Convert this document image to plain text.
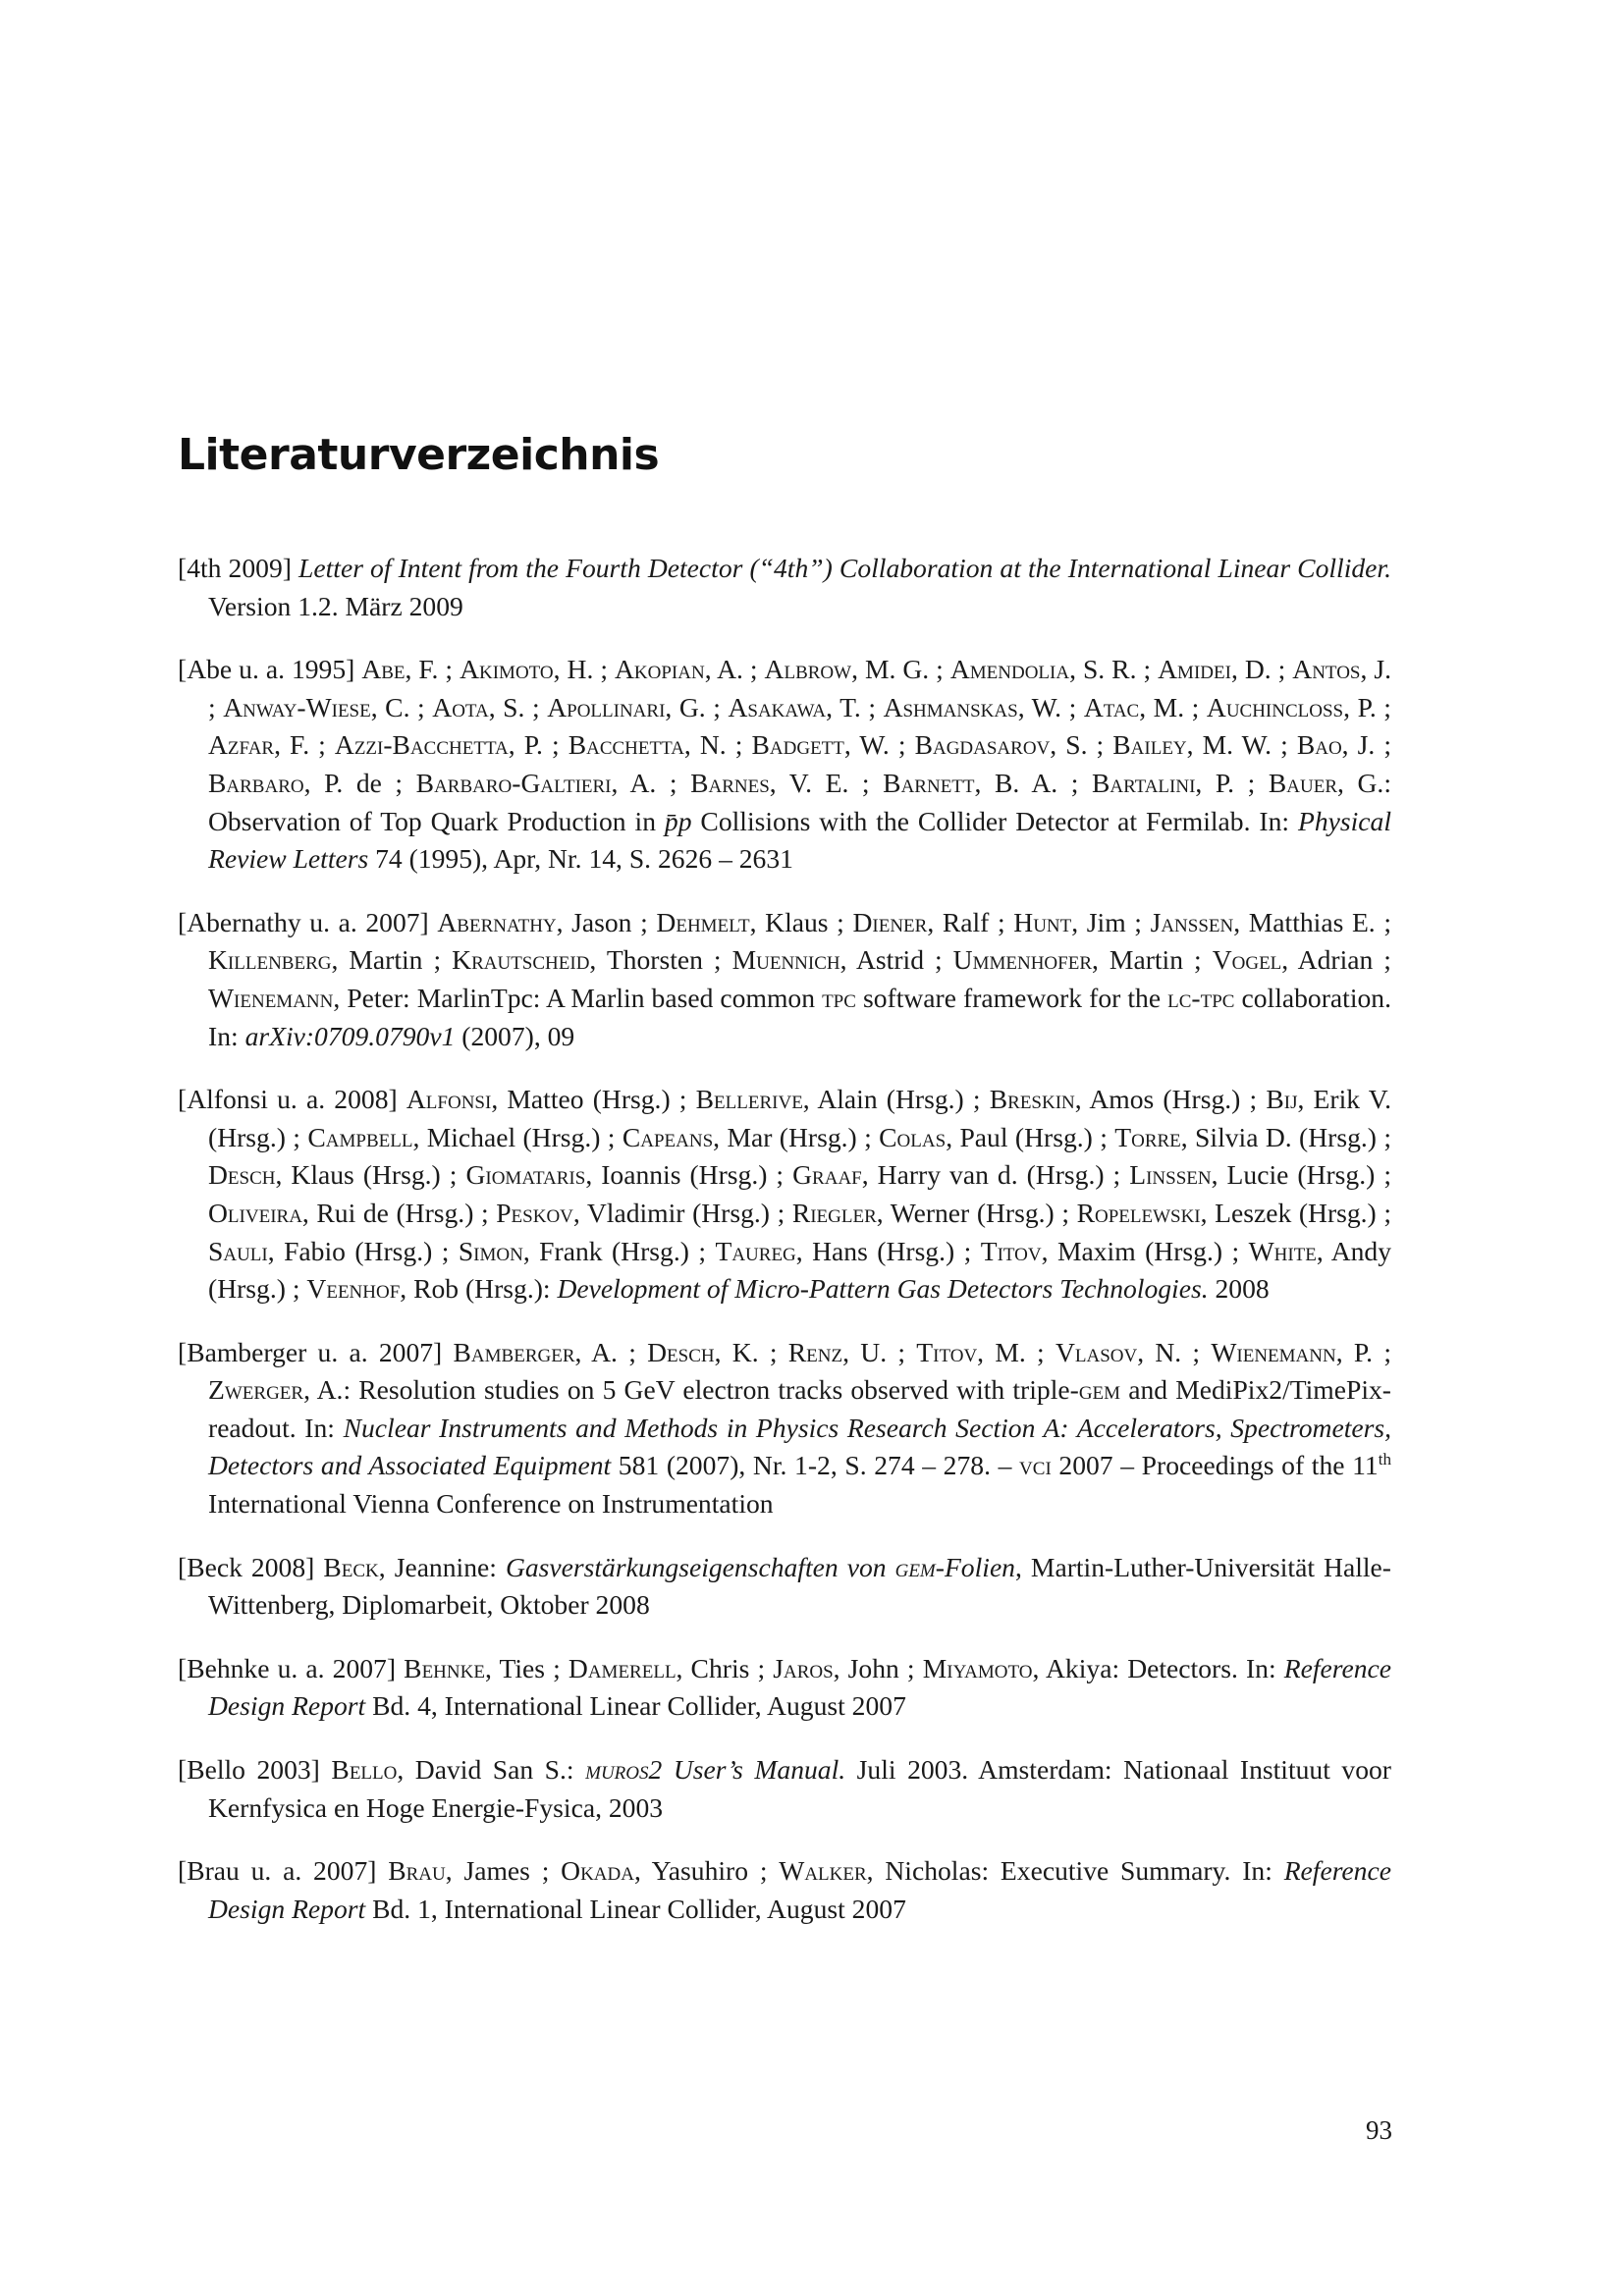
Literaturverzeichnis

[4th 2009] Letter of Intent from the Fourth Detector (“4th”) Collaboration at the International Linear Collider. Version 1.2. März 2009

[Abe u. a. 1995] Abe, F. ; Akimoto, H. ; Akopian, A. ; Albrow, M. G. ; Amendolia, S. R. ; Amidei, D. ; Antos, J. ; Anway-Wiese, C. ; Aota, S. ; Apollinari, G. ; Asakawa, T. ; Ashmanskas, W. ; Atac, M. ; Auchincloss, P. ; Azfar, F. ; Azzi-Bacchetta, P. ; Bacchetta, N. ; Badgett, W. ; Bagdasarov, S. ; Bailey, M. W. ; Bao, J. ; Barbaro, P. de ; Barbaro-Galtieri, A. ; Barnes, V. E. ; Barnett, B. A. ; Bartalini, P. ; Bauer, G.: Observation of Top Quark Production in p̄p Collisions with the Collider Detector at Fermilab. In: Physical Review Letters 74 (1995), Apr, Nr. 14, S. 2626 – 2631

[Abernathy u. a. 2007] Abernathy, Jason ; Dehmelt, Klaus ; Diener, Ralf ; Hunt, Jim ; Janssen, Matthias E. ; Killenberg, Martin ; Krautscheid, Thorsten ; Muennich, Astrid ; Ummenhofer, Martin ; Vogel, Adrian ; Wienemann, Peter: MarlinTpc: A Marlin based common tpc software framework for the lc-tpc collaboration. In: arXiv:0709.0790v1 (2007), 09

[Alfonsi u. a. 2008] Alfonsi, Matteo (Hrsg.) ; Bellerive, Alain (Hrsg.) ; Breskin, Amos (Hrsg.) ; Bij, Erik V. (Hrsg.) ; Campbell, Michael (Hrsg.) ; Capeans, Mar (Hrsg.) ; Colas, Paul (Hrsg.) ; Torre, Silvia D. (Hrsg.) ; Desch, Klaus (Hrsg.) ; Giomataris, Ioannis (Hrsg.) ; Graaf, Harry van d. (Hrsg.) ; Linssen, Lucie (Hrsg.) ; Oliveira, Rui de (Hrsg.) ; Peskov, Vladimir (Hrsg.) ; Riegler, Werner (Hrsg.) ; Ropelewski, Leszek (Hrsg.) ; Sauli, Fabio (Hrsg.) ; Simon, Frank (Hrsg.) ; Taureg, Hans (Hrsg.) ; Titov, Maxim (Hrsg.) ; White, Andy (Hrsg.) ; Veenhof, Rob (Hrsg.): Development of Micro-Pattern Gas Detectors Technologies. 2008

[Bamberger u. a. 2007] Bamberger, A. ; Desch, K. ; Renz, U. ; Titov, M. ; Vlasov, N. ; Wienemann, P. ; Zwerger, A.: Resolution studies on 5 GeV electron tracks observed with triple-gem and MediPix2/TimePix-readout. In: Nuclear Instruments and Methods in Physics Research Section A: Accelerators, Spectrometers, Detectors and Associated Equipment 581 (2007), Nr. 1-2, S. 274 – 278. – vci 2007 – Proceedings of the 11th International Vienna Conference on Instrumentation

[Beck 2008] Beck, Jeannine: Gasverstärkungseigenschaften von gem-Folien, Martin-Luther-Universität Halle-Wittenberg, Diplomarbeit, Oktober 2008

[Behnke u. a. 2007] Behnke, Ties ; Damerell, Chris ; Jaros, John ; Miyamoto, Akiya: Detectors. In: Reference Design Report Bd. 4, International Linear Collider, August 2007

[Bello 2003] Bello, David San S.: muros2 User’s Manual. Juli 2003. Amsterdam: Nationaal Instituut voor Kernfysica en Hoge Energie-Fysica, 2003

[Brau u. a. 2007] Brau, James ; Okada, Yasuhiro ; Walker, Nicholas: Executive Summary. In: Reference Design Report Bd. 1, International Linear Collider, August 2007

93
